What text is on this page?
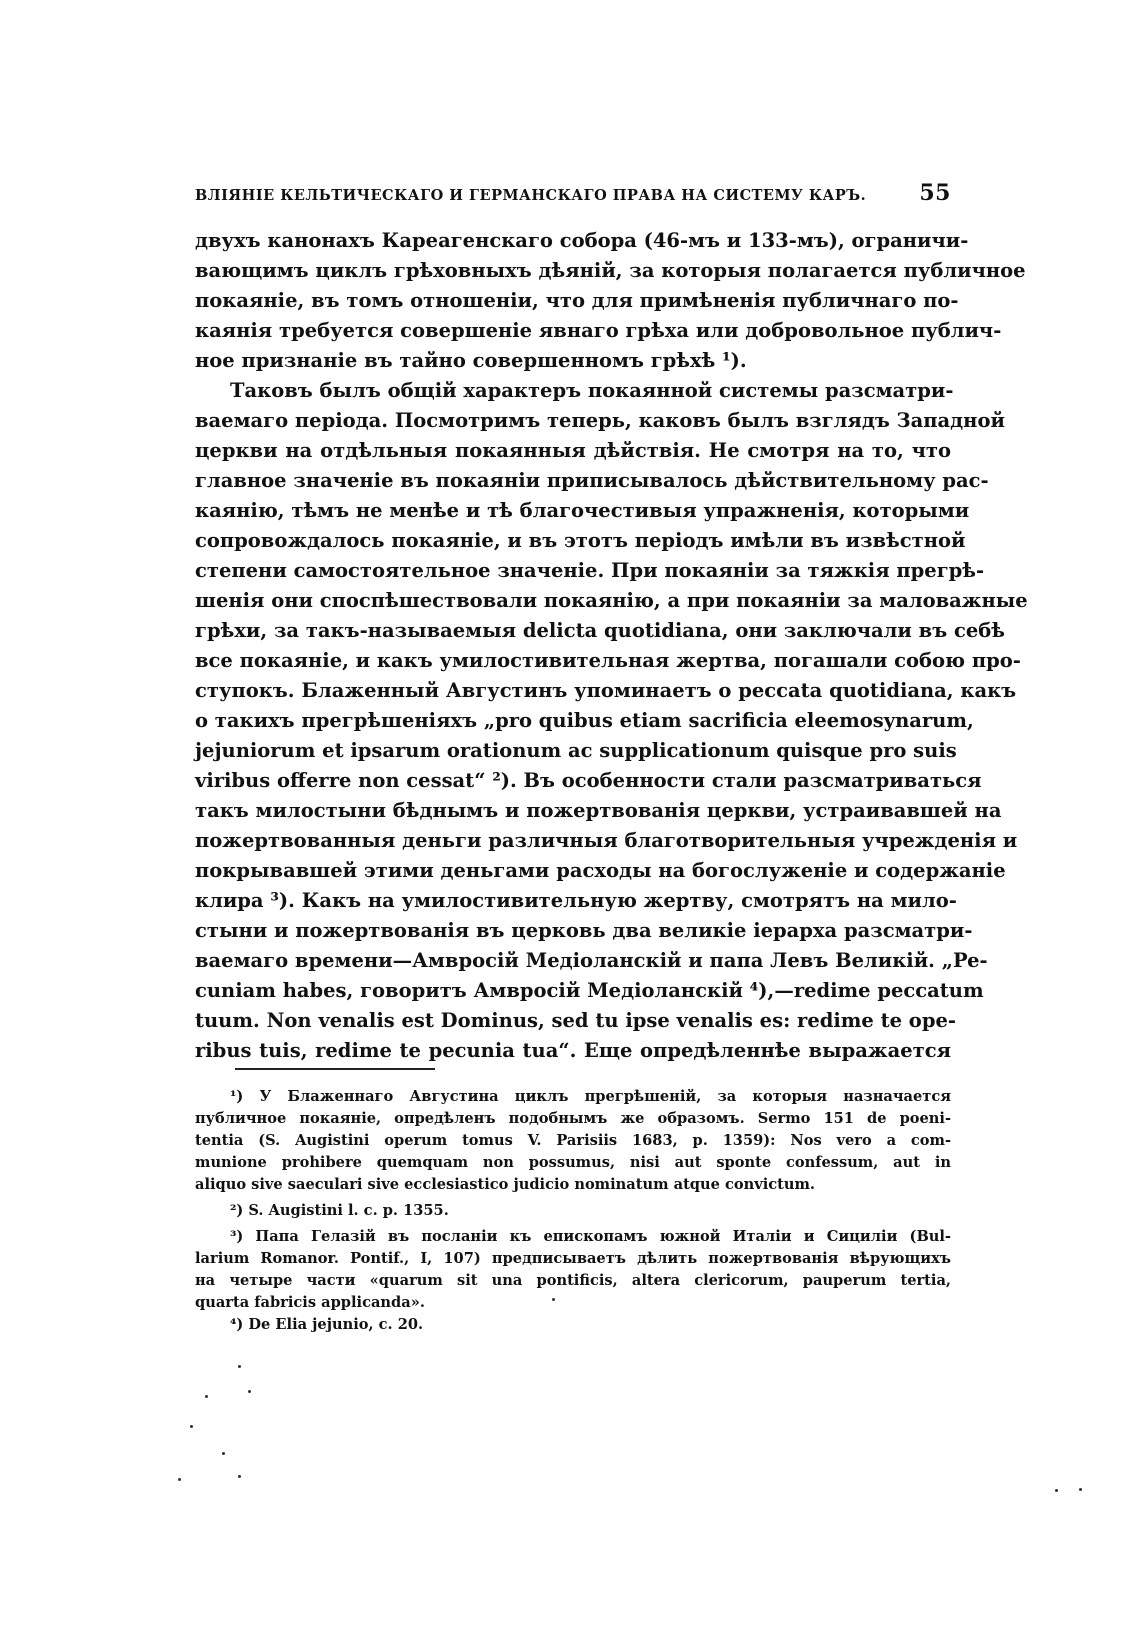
ВЛІЯНІЕ КЕЛЬТИЧЕСКАГО И ГЕРМАНСКАГО ПРАВА НА СИСТЕМУ КАРЪ. 55
двухъ канонахъ Кареагенскаго собора (46-мъ и 133-мъ), ограничи-
вающимъ циклъ грѣховныхъ дѣяній, за которыя полагается публичное
покаяніе, въ томъ отношеніи, что для примѣненія публичнаго по-
каянія требуется совершеніе явнаго грѣха или добровольное публич-
ное признаніе въ тайно совершенномъ грѣхѣ ¹).
Таковъ былъ общій характеръ покаянной системы разсматри-
ваемаго періода. Посмотримъ теперь, каковъ былъ взглядъ Западной
церкви на отдѣльныя покаянныя дѣйствія. Не смотря на то, что
главное значеніе въ покаяніи приписывалось дѣйствительному рас-
каянію, тѣмъ не менѣе и тѣ благочестивыя упражненія, которыми
сопровождалось покаяніе, и въ этотъ періодъ имѣли въ извѣстной
степени самостоятельное значеніе. При покаяніи за тяжкія прегрѣ-
шенія они споспѣшествовали покаянію, а при покаяніи за маловажные
грѣхи, за такъ-называемыя delicta quotidiana, они заключали въ себѣ
все покаяніе, и какъ умилостивительная жертва, погашали собою про-
ступокъ. Блаженный Августинъ упоминаетъ о peccata quotidiana, какъ
о такихъ прегрѣшеніяхъ „pro quibus etiam sacrificia eleemosynarum,
jejuniorum et ipsarum orationum ac supplicationum quisque pro suis
viribus offerre non cessat“ ²). Въ особенности стали разсматриваться
такъ милостыни бѣднымъ и пожертвованія церкви, устраивавшей на
пожертвованныя деньги различныя благотворительныя учрежденія и
покрывавшей этими деньгами расходы на богослуженіе и содержаніе
клира ³). Какъ на умилостивительную жертву, смотрятъ на мило-
стыни и пожертвованія въ церковь два великіе іерарха разсматри-
ваемаго времени—Амвросій Медіоланскій и папа Левъ Великій. „Pe-
cuniam habes, говоритъ Амвросій Медіоланскій ⁴),—redime peccatum
tuum. Non venalis est Dominus, sed tu ipse venalis es: redime te ope-
ribus tuis, redime te pecunia tua“. Еще опредѣленнѣе выражается
¹) У Блаженнаго Августина циклъ прегрѣшеній, за которыя назначается
публичное покаяніе, опредѣленъ подобнымъ же образомъ. Sermo 151 de poeni-
tentia (S. Augistini operum tomus V. Parisiis 1683, p. 1359): Nos vero a com-
munione prohibere quemquam non possumus, nisi aut sponte confessum, aut in
aliquo sive saeculari sive ecclesiastico judicio nominatum atque convictum.
²) S. Augistini l. c. p. 1355.
³) Папа Гелазій въ посланіи къ епископамъ южной Италіи и Сициліи (Bul-
larium Romanor. Pontif., I, 107) предписываетъ дѣлить пожертвованія вѣрующихъ
на четыре части «quarum sit una pontificis, altera clericorum, pauperum tertia,
quarta fabricis applicanda».
⁴) De Elia jejunio, c. 20.
